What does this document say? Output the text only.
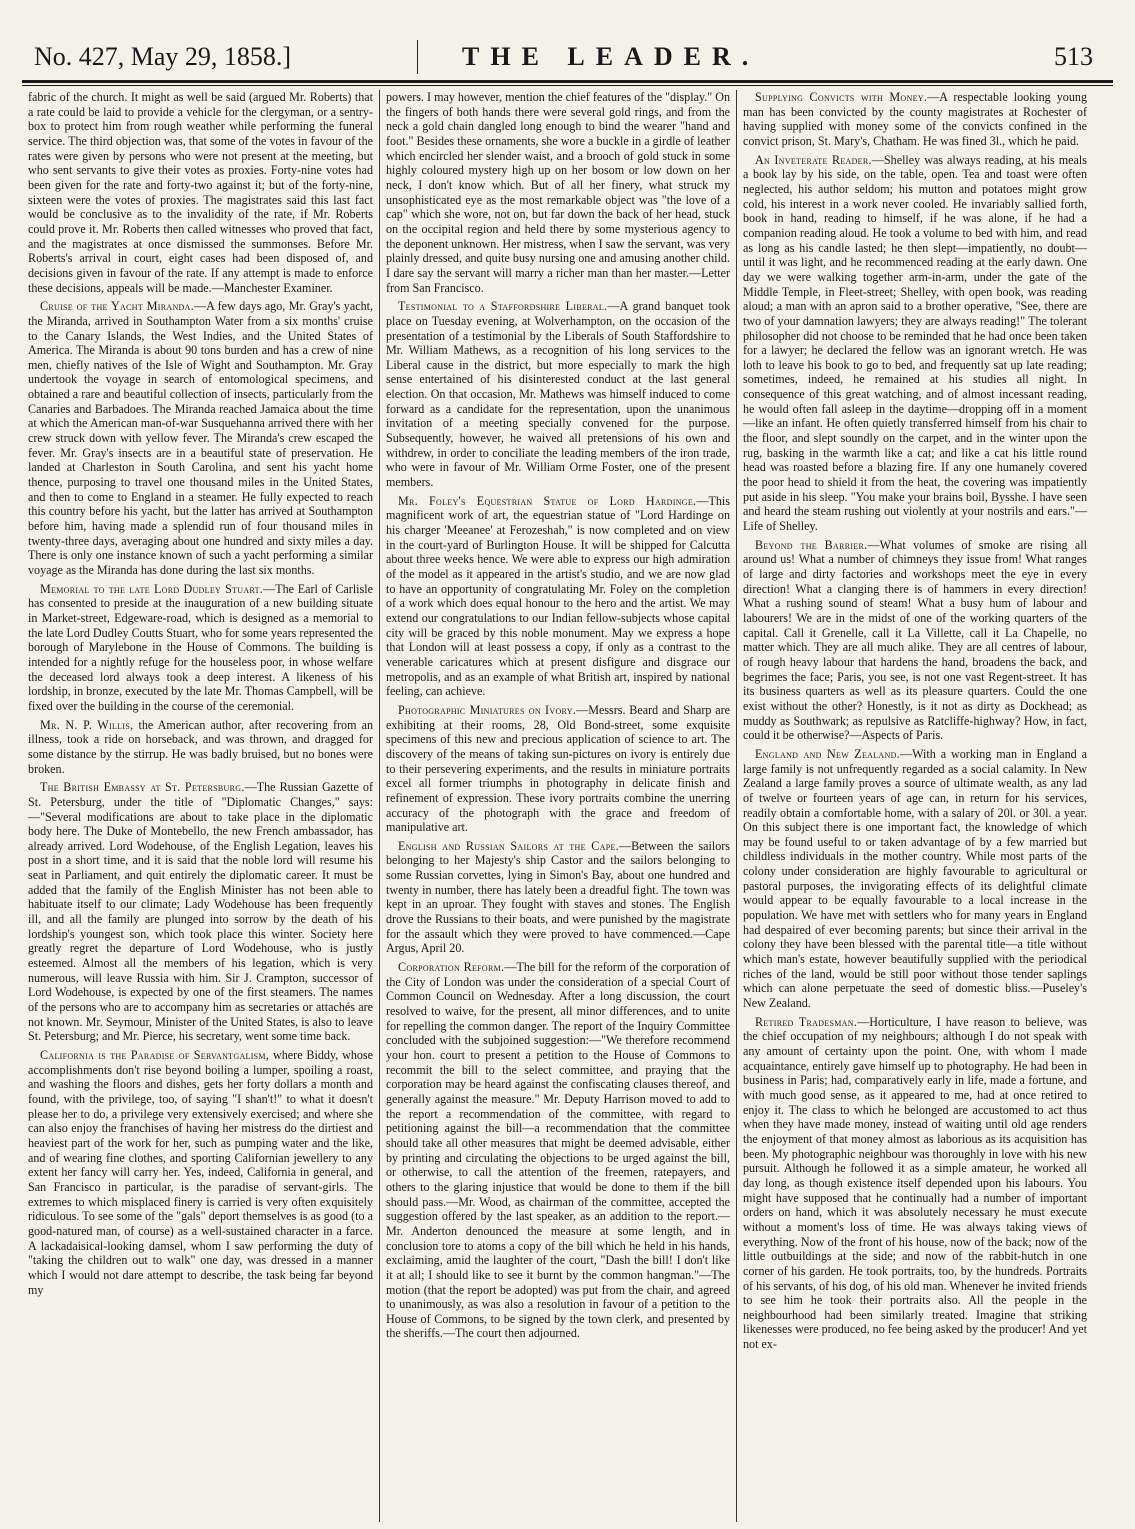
No. 427, May 29, 1858.]	THE LEADER.	513

fabric of the church. It might as well be said (argued Mr. Roberts) that a rate could be laid to provide a vehicle for the clergyman, or a sentry-box to protect him from rough weather while performing the funeral service. The third objection was, that some of the votes in favour of the rates were given by persons who were not present at the meeting, but who sent servants to give their votes as proxies. Forty-nine votes had been given for the rate and forty-two against it; but of the forty-nine, sixteen were the votes of proxies. The magistrates said this last fact would be conclusive as to the invalidity of the rate, if Mr. Roberts could prove it. Mr. Roberts then called witnesses who proved that fact, and the magistrates at once dismissed the summonses. Before Mr. Roberts's arrival in court, eight cases had been disposed of, and decisions given in favour of the rate. If any attempt is made to enforce these decisions, appeals will be made.—Manchester Examiner.

Cruise of the Yacht Miranda.—A few days ago, Mr. Gray's yacht, the Miranda, arrived in Southampton Water from a six months' cruise to the Canary Islands, the West Indies, and the United States of America. The Miranda is about 90 tons burden and has a crew of nine men, chiefly natives of the Isle of Wight and Southampton. Mr. Gray undertook the voyage in search of entomological specimens, and obtained a rare and beautiful collection of insects, particularly from the Canaries and Barbadoes. The Miranda reached Jamaica about the time at which the American man-of-war Susquehanna arrived there with her crew struck down with yellow fever. The Miranda's crew escaped the fever. Mr. Gray's insects are in a beautiful state of preservation. He landed at Charleston in South Carolina, and sent his yacht home thence, purposing to travel one thousand miles in the United States, and then to come to England in a steamer. He fully expected to reach this country before his yacht, but the latter has arrived at Southampton before him, having made a splendid run of four thousand miles in twenty-three days, averaging about one hundred and sixty miles a day. There is only one instance known of such a yacht performing a similar voyage as the Miranda has done during the last six months.

Memorial to the late Lord Dudley Stuart.—The Earl of Carlisle has consented to preside at the inauguration of a new building situate in Market-street, Edgeware-road, which is designed as a memorial to the late Lord Dudley Coutts Stuart, who for some years represented the borough of Marylebone in the House of Commons. The building is intended for a nightly refuge for the houseless poor, in whose welfare the deceased lord always took a deep interest. A likeness of his lordship, in bronze, executed by the late Mr. Thomas Campbell, will be fixed over the building in the course of the ceremonial.

Mr. N. P. Willis, the American author, after recovering from an illness, took a ride on horseback, and was thrown, and dragged for some distance by the stirrup. He was badly bruised, but no bones were broken.

The British Embassy at St. Petersburg.—The Russian Gazette of St. Petersburg, under the title of "Diplomatic Changes," says:—"Several modifications are about to take place in the diplomatic body here. The Duke of Montebello, the new French ambassador, has already arrived. Lord Wodehouse, of the English Legation, leaves his post in a short time, and it is said that the noble lord will resume his seat in Parliament, and quit entirely the diplomatic career. It must be added that the family of the English Minister has not been able to habituate itself to our climate; Lady Wodehouse has been frequently ill, and all the family are plunged into sorrow by the death of his lordship's youngest son, which took place this winter. Society here greatly regret the departure of Lord Wodehouse, who is justly esteemed. Almost all the members of his legation, which is very numerous, will leave Russia with him. Sir J. Crampton, successor of Lord Wodehouse, is expected by one of the first steamers. The names of the persons who are to accompany him as secretaries or attachés are not known. Mr. Seymour, Minister of the United States, is also to leave St. Petersburg; and Mr. Pierce, his secretary, went some time back.

California is the Paradise of Servantgalism, where Biddy, whose accomplishments don't rise beyond boiling a lumper, spoiling a roast, and washing the floors and dishes, gets her forty dollars a month and found, with the privilege, too, of saying "I shan't!" to what it doesn't please her to do, a privilege very extensively exercised; and where she can also enjoy the franchises of having her mistress do the dirtiest and heaviest part of the work for her, such as pumping water and the like, and of wearing fine clothes, and sporting Californian jewellery to any extent her fancy will carry her. Yes, indeed, California in general, and San Francisco in particular, is the paradise of servant-girls. The extremes to which misplaced finery is carried is very often exquisitely ridiculous. To see some of the "gals" deport themselves is as good (to a good-natured man, of course) as a well-sustained character in a farce. A lackadaisical-looking damsel, whom I saw performing the duty of "taking the children out to walk" one day, was dressed in a manner which I would not dare attempt to describe, the task being far beyond my

powers. I may however, mention the chief features of the "display." On the fingers of both hands there were several gold rings, and from the neck a gold chain dangled long enough to bind the wearer "hand and foot." Besides these ornaments, she wore a buckle in a girdle of leather which encircled her slender waist, and a brooch of gold stuck in some highly coloured mystery high up on her bosom or low down on her neck, I don't know which. But of all her finery, what struck my unsophisticated eye as the most remarkable object was "the love of a cap" which she wore, not on, but far down the back of her head, stuck on the occipital region and held there by some mysterious agency to the deponent unknown. Her mistress, when I saw the servant, was very plainly dressed, and quite busy nursing one and amusing another child. I dare say the servant will marry a richer man than her master.—Letter from San Francisco.

Testimonial to a Staffordshire Liberal.—A grand banquet took place on Tuesday evening, at Wolverhampton, on the occasion of the presentation of a testimonial by the Liberals of South Staffordshire to Mr. William Mathews, as a recognition of his long services to the Liberal cause in the district, but more especially to mark the high sense entertained of his disinterested conduct at the last general election. On that occasion, Mr. Mathews was himself induced to come forward as a candidate for the representation, upon the unanimous invitation of a meeting specially convened for the purpose. Subsequently, however, he waived all pretensions of his own and withdrew, in order to conciliate the leading members of the iron trade, who were in favour of Mr. William Orme Foster, one of the present members.

Mr. Foley's Equestrian Statue of Lord Hardinge.—This magnificent work of art, the equestrian statue of "Lord Hardinge on his charger 'Meeanee' at Ferozeshah," is now completed and on view in the court-yard of Burlington House. It will be shipped for Calcutta about three weeks hence. We were able to express our high admiration of the model as it appeared in the artist's studio, and we are now glad to have an opportunity of congratulating Mr. Foley on the completion of a work which does equal honour to the hero and the artist. We may extend our congratulations to our Indian fellow-subjects whose capital city will be graced by this noble monument. May we express a hope that London will at least possess a copy, if only as a contrast to the venerable caricatures which at present disfigure and disgrace our metropolis, and as an example of what British art, inspired by national feeling, can achieve.

Photographic Miniatures on Ivory.—Messrs. Beard and Sharp are exhibiting at their rooms, 28, Old Bond-street, some exquisite specimens of this new and precious application of science to art. The discovery of the means of taking sun-pictures on ivory is entirely due to their persevering experiments, and the results in miniature portraits excel all former triumphs in photography in delicate finish and refinement of expression. These ivory portraits combine the unerring accuracy of the photograph with the grace and freedom of manipulative art.

English and Russian Sailors at the Cape.—Between the sailors belonging to her Majesty's ship Castor and the sailors belonging to some Russian corvettes, lying in Simon's Bay, about one hundred and twenty in number, there has lately been a dreadful fight. The town was kept in an uproar. They fought with staves and stones. The English drove the Russians to their boats, and were punished by the magistrate for the assault which they were proved to have commenced.—Cape Argus, April 20.

Corporation Reform.—The bill for the reform of the corporation of the City of London was under the consideration of a special Court of Common Council on Wednesday. After a long discussion, the court resolved to waive, for the present, all minor differences, and to unite for repelling the common danger. The report of the Inquiry Committee concluded with the subjoined suggestion:—"We therefore recommend your hon. court to present a petition to the House of Commons to recommit the bill to the select committee, and praying that the corporation may be heard against the confiscating clauses thereof, and generally against the measure." Mr. Deputy Harrison moved to add to the report a recommendation of the committee, with regard to petitioning against the bill—a recommendation that the committee should take all other measures that might be deemed advisable, either by printing and circulating the objections to be urged against the bill, or otherwise, to call the attention of the freemen, ratepayers, and others to the glaring injustice that would be done to them if the bill should pass.—Mr. Wood, as chairman of the committee, accepted the suggestion offered by the last speaker, as an addition to the report.—Mr. Anderton denounced the measure at some length, and in conclusion tore to atoms a copy of the bill which he held in his hands, exclaiming, amid the laughter of the court, "Dash the bill! I don't like it at all; I should like to see it burnt by the common hangman."—The motion (that the report be adopted) was put from the chair, and agreed to unanimously, as was also a resolution in favour of a petition to the House of Commons, to be signed by the town clerk, and presented by the sheriffs.—The court then adjourned.

Supplying Convicts with Money.—A respectable looking young man has been convicted by the county magistrates at Rochester of having supplied with money some of the convicts confined in the convict prison, St. Mary's, Chatham. He was fined 3l., which he paid.

An Inveterate Reader.—Shelley was always reading, at his meals a book lay by his side, on the table, open. Tea and toast were often neglected, his author seldom; his mutton and potatoes might grow cold, his interest in a work never cooled. He invariably sallied forth, book in hand, reading to himself, if he was alone, if he had a companion reading aloud. He took a volume to bed with him, and read as long as his candle lasted; he then slept—impatiently, no doubt—until it was light, and he recommenced reading at the early dawn. One day we were walking together arm-in-arm, under the gate of the Middle Temple, in Fleet-street; Shelley, with open book, was reading aloud; a man with an apron said to a brother operative, "See, there are two of your damnation lawyers; they are always reading!" The tolerant philosopher did not choose to be reminded that he had once been taken for a lawyer; he declared the fellow was an ignorant wretch. He was loth to leave his book to go to bed, and frequently sat up late reading; sometimes, indeed, he remained at his studies all night. In consequence of this great watching, and of almost incessant reading, he would often fall asleep in the daytime—dropping off in a moment—like an infant. He often quietly transferred himself from his chair to the floor, and slept soundly on the carpet, and in the winter upon the rug, basking in the warmth like a cat; and like a cat his little round head was roasted before a blazing fire. If any one humanely covered the poor head to shield it from the heat, the covering was impatiently put aside in his sleep. "You make your brains boil, Bysshe. I have seen and heard the steam rushing out violently at your nostrils and ears."—Life of Shelley.

Beyond the Barrier.—What volumes of smoke are rising all around us! What a number of chimneys they issue from! What ranges of large and dirty factories and workshops meet the eye in every direction! What a clanging there is of hammers in every direction! What a rushing sound of steam! What a busy hum of labour and labourers! We are in the midst of one of the working quarters of the capital. Call it Grenelle, call it La Villette, call it La Chapelle, no matter which. They are all much alike. They are all centres of labour, of rough heavy labour that hardens the hand, broadens the back, and begrimes the face; Paris, you see, is not one vast Regent-street. It has its business quarters as well as its pleasure quarters. Could the one exist without the other? Honestly, is it not as dirty as Dockhead; as muddy as Southwark; as repulsive as Ratcliffe-highway? How, in fact, could it be otherwise?—Aspects of Paris.

England and New Zealand.—With a working man in England a large family is not unfrequently regarded as a social calamity. In New Zealand a large family proves a source of ultimate wealth, as any lad of twelve or fourteen years of age can, in return for his services, readily obtain a comfortable home, with a salary of 20l. or 30l. a year. On this subject there is one important fact, the knowledge of which may be found useful to or taken advantage of by a few married but childless individuals in the mother country. While most parts of the colony under consideration are highly favourable to agricultural or pastoral purposes, the invigorating effects of its delightful climate would appear to be equally favourable to a local increase in the population. We have met with settlers who for many years in England had despaired of ever becoming parents; but since their arrival in the colony they have been blessed with the parental title—a title without which man's estate, however beautifully supplied with the periodical riches of the land, would be still poor without those tender saplings which can alone perpetuate the seed of domestic bliss.—Puseley's New Zealand.

Retired Tradesman.—Horticulture, I have reason to believe, was the chief occupation of my neighbours; although I do not speak with any amount of certainty upon the point. One, with whom I made acquaintance, entirely gave himself up to photography. He had been in business in Paris; had, comparatively early in life, made a fortune, and with much good sense, as it appeared to me, had at once retired to enjoy it. The class to which he belonged are accustomed to act thus when they have made money, instead of waiting until old age renders the enjoyment of that money almost as laborious as its acquisition has been. My photographic neighbour was thoroughly in love with his new pursuit. Although he followed it as a simple amateur, he worked all day long, as though existence itself depended upon his labours. You might have supposed that he continually had a number of important orders on hand, which it was absolutely necessary he must execute without a moment's loss of time. He was always taking views of everything. Now of the front of his house, now of the back; now of the little outbuildings at the side; and now of the rabbit-hutch in one corner of his garden. He took portraits, too, by the hundreds. Portraits of his servants, of his dog, of his old man. Whenever he invited friends to see him he took their portraits also. All the people in the neighbourhood had been similarly treated. Imagine that striking likenesses were produced, no fee being asked by the producer! And yet not ex-
